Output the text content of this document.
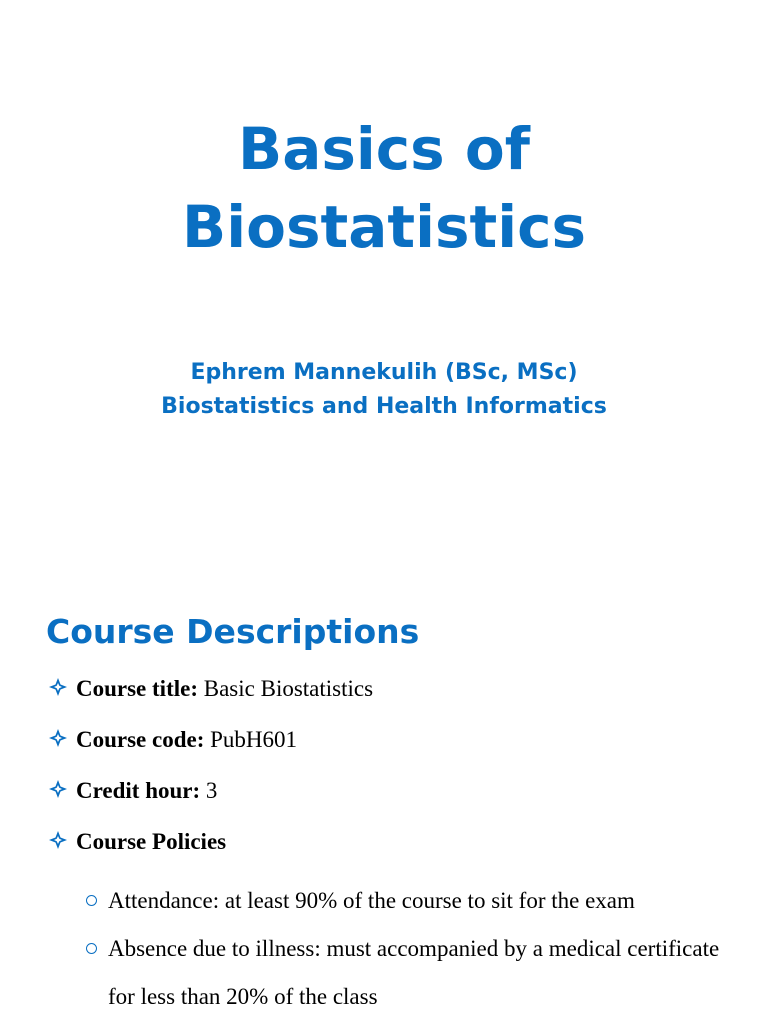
Basics of
Biostatistics
Ephrem Mannekulih (BSc, MSc)
Biostatistics and Health Informatics
Course Descriptions
Course title: Basic Biostatistics
Course code: PubH601
Credit hour: 3
Course Policies
Attendance: at least 90% of the course to sit for the exam
Absence due to illness: must accompanied by a medical certificate for less than 20% of the class
